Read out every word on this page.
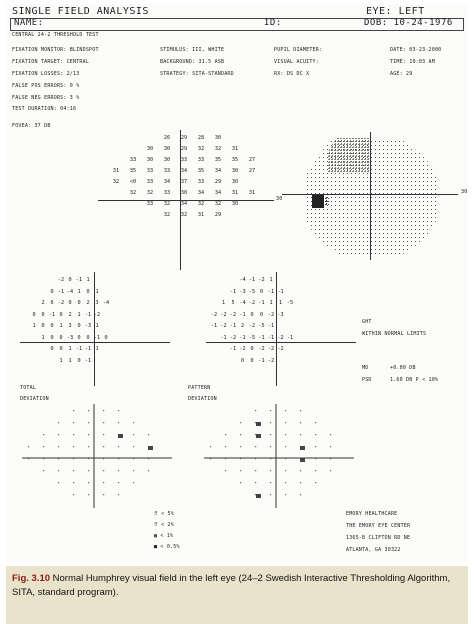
SINGLE FIELD ANALYSIS	EYE: LEFT
NAME:	ID:	DOB: 10-24-1976
CENTRAL 24-2 THRESHOLD TEST
FIXATION MONITOR: BLINDSPOT
FIXATION TARGET: CENTRAL
FIXATION LOSSES: 2/13
FALSE POS ERRORS: 0 %
FALSE NEG ERRORS: 3 %
TEST DURATION: 04:16
STIMULUS: III, WHITE
BACKGROUND: 31.5 ASB
STRATEGY: SITA-STANDARD
PUPIL DIAMETER:
VISUAL ACUITY:
RX: DS DC X
DATE: 03-23-2000
TIME: 10:03 AM
AGE: 29
FOVEA: 37 DB
26 29 28 30
30 30 29 32 32 31
33 30 30 33 33 35 35 27
31 35 33 33 34 35 34 30 27
32 <0 33 34 37 33 29 30
32 32 33 30 34 34 31 31
33 32 34 32 32 30
32 32 31 29
30
30
-2 0 -1 1
0 -1 -4 1 0 1
2 6 -2 0 0 2 3 -4
0 0 -1 0 2 1 -1 -2
1 0 0 1 3 0 -3 1
1 0 0 -3 0 0 -1 0
0 0 1 -1 -1 1
1 1 0 -1
-4 -1 -2 1
-1 -3 -5 0 -1 -1
1 5 -4 -2 -1 1 1 -5
-2 -2 -2 -1 0 0 -2 -3
-1 -2 -1 2 -2 -5 -1
-1 -2 -1 -5 -1 -1 -2 -1
-1 -2 0 -2 -2 -2
0 0 -1 -2
GHT
WITHIN NORMAL LIMITS
MD	+0.00 DB
PSD	1.60 DB P < 10%
TOTAL
DEVIATION
PATTERN
DEVIATION
⠿ < 5%
⠿ < 2%
▩ < 1%
■ < 0.5%
EMORY HEALTHCARE
THE EMORY EYE CENTER
1365-B CLIFTON RD NE
ATLANTA, GA 30322
Fig. 3.10 Normal Humphrey visual field in the left eye (24–2 Swedish Interactive Thresholding Algorithm, SITA, standard program).
